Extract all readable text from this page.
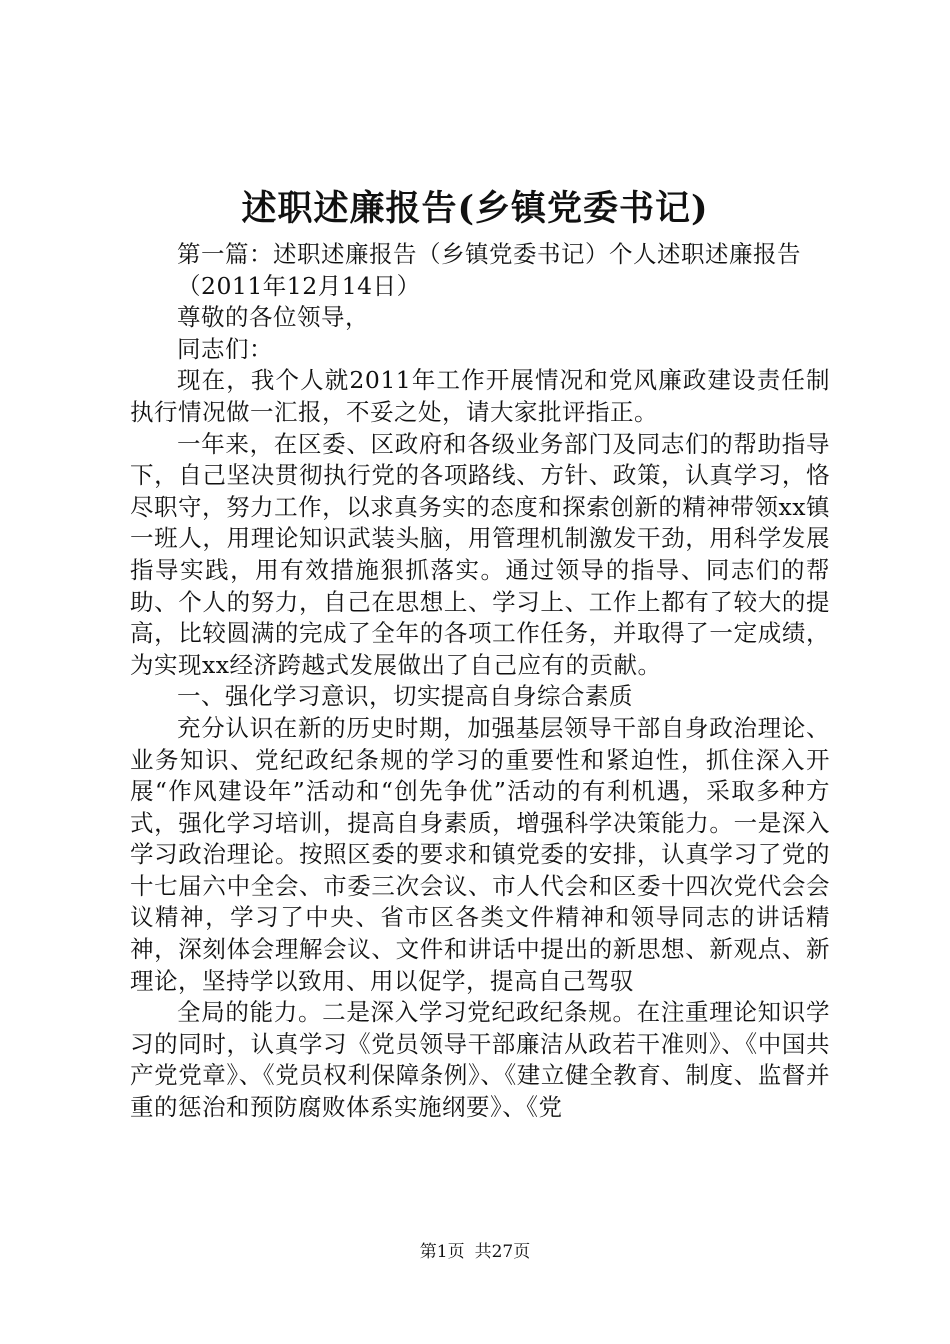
述职述廉报告(乡镇党委书记)

第一篇：述职述廉报告（乡镇党委书记）个人述职述廉报告

（2011年12月14日）

尊敬的各位领导，

同志们：

现在，我个人就2011年工作开展情况和党风廉政建设责任制执行情况做一汇报，不妥之处，请大家批评指正。

一年来，在区委、区政府和各级业务部门及同志们的帮助指导下，自己坚决贯彻执行党的各项路线、方针、政策，认真学习，恪尽职守，努力工作，以求真务实的态度和探索创新的精神带领xx镇一班人，用理论知识武装头脑，用管理机制激发干劲，用科学发展指导实践，用有效措施狠抓落实。通过领导的指导、同志们的帮助、个人的努力，自己在思想上、学习上、工作上都有了较大的提高，比较圆满的完成了全年的各项工作任务，并取得了一定成绩，为实现xx经济跨越式发展做出了自己应有的贡献。

一、强化学习意识，切实提高自身综合素质

充分认识在新的历史时期，加强基层领导干部自身政治理论、业务知识、党纪政纪条规的学习的重要性和紧迫性，抓住深入开展“作风建设年”活动和“创先争优”活动的有利机遇，采取多种方式，强化学习培训，提高自身素质，增强科学决策能力。一是深入学习政治理论。按照区委的要求和镇党委的安排，认真学习了党的十七届六中全会、市委三次会议、市人代会和区委十四次党代会会议精神，学习了中央、省市区各类文件精神和领导同志的讲话精神，深刻体会理解会议、文件和讲话中提出的新思想、新观点、新理论，坚持学以致用、用以促学，提高自己驾驭

全局的能力。二是深入学习党纪政纪条规。在注重理论知识学习的同时，认真学习《党员领导干部廉洁从政若干准则》、《中国共产党党章》、《党员权利保障条例》、《建立健全教育、制度、监督并重的惩治和预防腐败体系实施纲要》、《党

第1页 共27页
